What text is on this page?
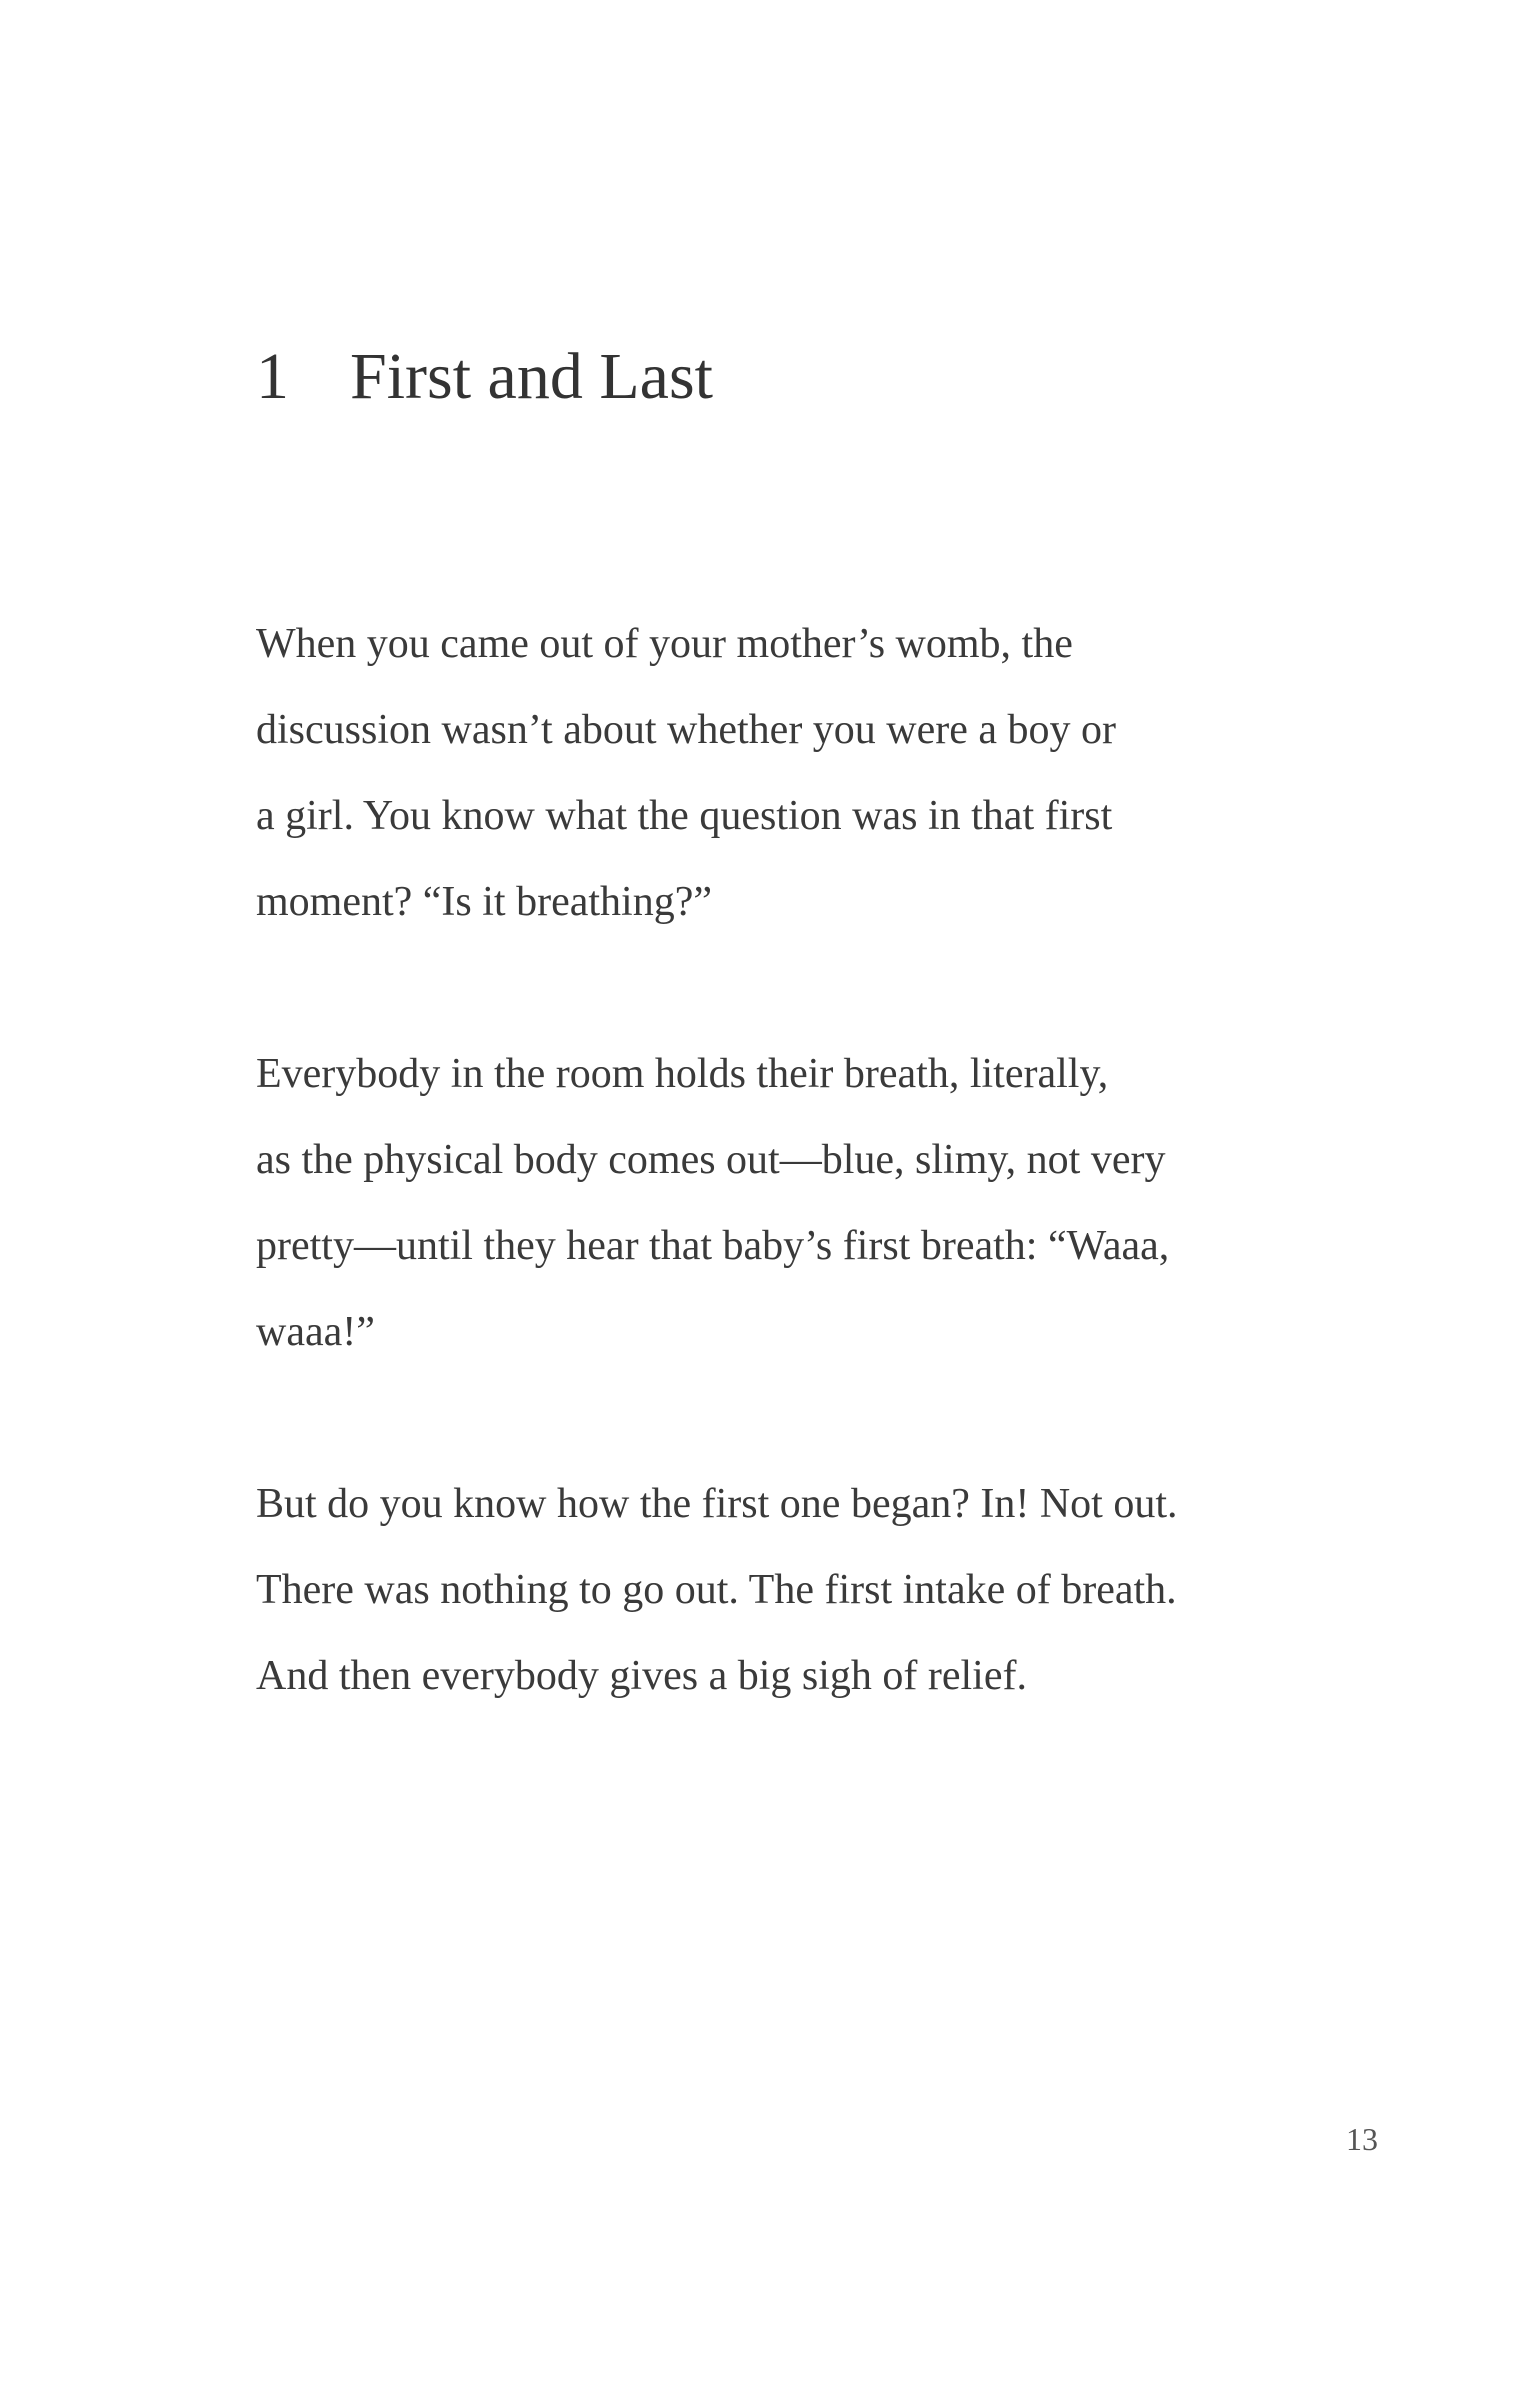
1 First and Last
When you came out of your mother’s womb, the
discussion wasn’t about whether you were a boy or
a girl. You know what the question was in that first
moment? “Is it breathing?”
Everybody in the room holds their breath, literally,
as the physical body comes out—blue, slimy, not very
pretty—until they hear that baby’s first breath: “Waaa,
waaa!”
But do you know how the first one began? In! Not out.
There was nothing to go out. The first intake of breath.
And then everybody gives a big sigh of relief.
13
